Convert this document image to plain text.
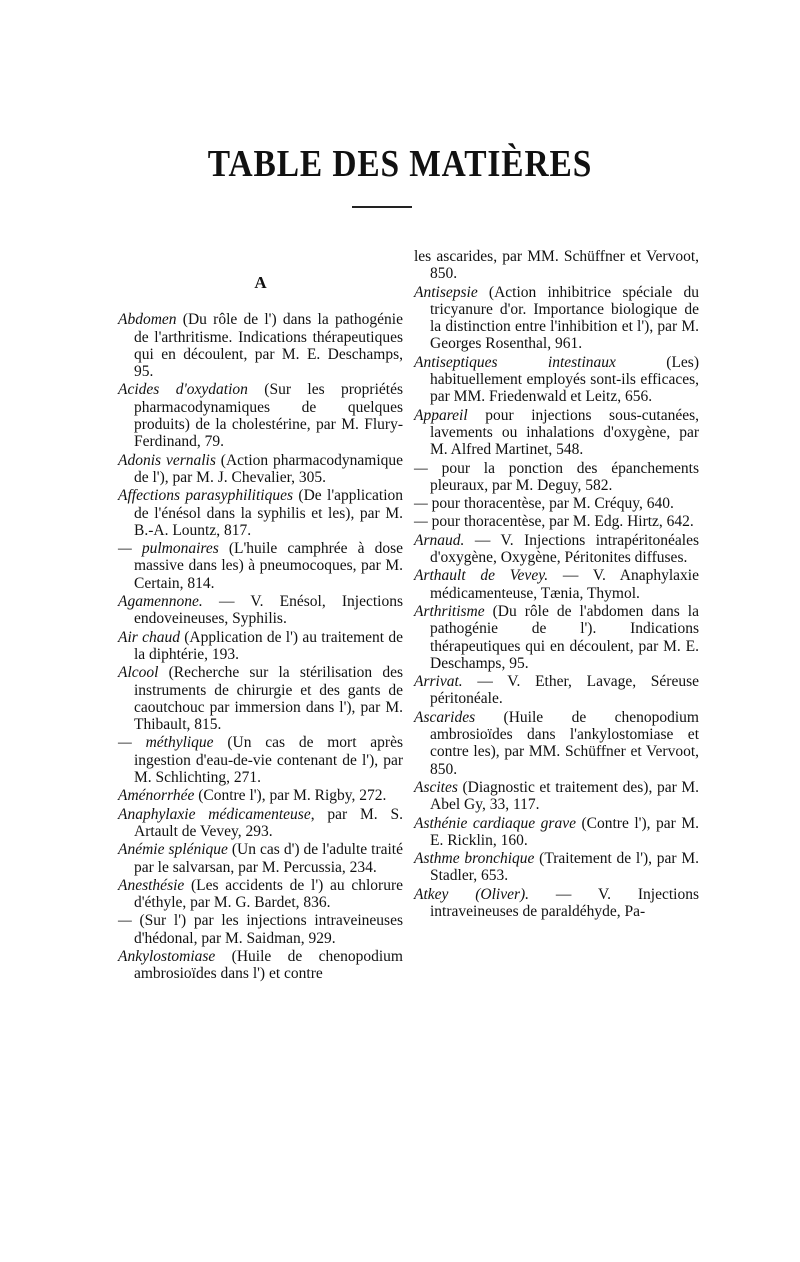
TABLE DES MATIÈRES
A
Abdomen (Du rôle de l') dans la pathogénie de l'arthritisme. Indications thérapeutiques qui en découlent, par M. E. Deschamps, 95.
Acides d'oxydation (Sur les propriétés pharmacodynamiques de quelques produits) de la cholestérine, par M. Flury-Ferdinand, 79.
Adonis vernalis (Action pharmacodynamique de l'), par M. J. Chevalier, 305.
Affections parasyphilitiques (De l'application de l'énésol dans la syphilis et les), par M. B.-A. Lountz, 817.
— pulmonaires (L'huile camphrée à dose massive dans les) à pneumocoques, par M. Certain, 814.
Agamennone. — V. Enésol, Injections endoveineuses, Syphilis.
Air chaud (Application de l') au traitement de la diphtérie, 193.
Alcool (Recherche sur la stérilisation des instruments de chirurgie et des gants de caoutchouc par immersion dans l'), par M. Thibault, 815.
— méthylique (Un cas de mort après ingestion d'eau-de-vie contenant de l'), par M. Schlichting, 271.
Aménorrhée (Contre l'), par M. Rigby, 272.
Anaphylaxie médicamenteuse, par M. S. Artault de Vevey, 293.
Anémie splénique (Un cas d') de l'adulte traité par le salvarsan, par M. Percussia, 234.
Anesthésie (Les accidents de l') au chlorure d'éthyle, par M. G. Bardet, 836.
— (Sur l') par les injections intraveineuses d'hédonal, par M. Saidman, 929.
Ankylostomiase (Huile de chenopodium ambrosioïdes dans l') et contre
les ascarides, par MM. Schüffner et Vervoot, 850.
Antisepsie (Action inhibitrice spéciale du tricyanure d'or. Importance biologique de la distinction entre l'inhibition et l'), par M. Georges Rosenthal, 961.
Antiseptiques intestinaux (Les) habituellement employés sont-ils efficaces, par MM. Friedenwald et Leitz, 656.
Appareil pour injections sous-cutanées, lavements ou inhalations d'oxygène, par M. Alfred Martinet, 548.
— pour la ponction des épanchements pleuraux, par M. Deguy, 582.
— pour thoracentèse, par M. Créquy, 640.
— pour thoracentèse, par M. Edg. Hirtz, 642.
Arnaud. — V. Injections intrapéritonéales d'oxygène, Oxygène, Péritonites diffuses.
Arthault de Vevey. — V. Anaphylaxie médicamenteuse, Tænia, Thymol.
Arthritisme (Du rôle de l'abdomen dans la pathogénie de l'). Indications thérapeutiques qui en découlent, par M. E. Deschamps, 95.
Arrivat. — V. Ether, Lavage, Séreuse péritonéale.
Ascarides (Huile de chenopodium ambrosioïdes dans l'ankylostomiase et contre les), par MM. Schüffner et Vervoot, 850.
Ascites (Diagnostic et traitement des), par M. Abel Gy, 33, 117.
Asthénie cardiaque grave (Contre l'), par M. E. Ricklin, 160.
Asthme bronchique (Traitement de l'), par M. Stadler, 653.
Atkey (Oliver). — V. Injections intraveineuses de paraldéhyde, Pa-
